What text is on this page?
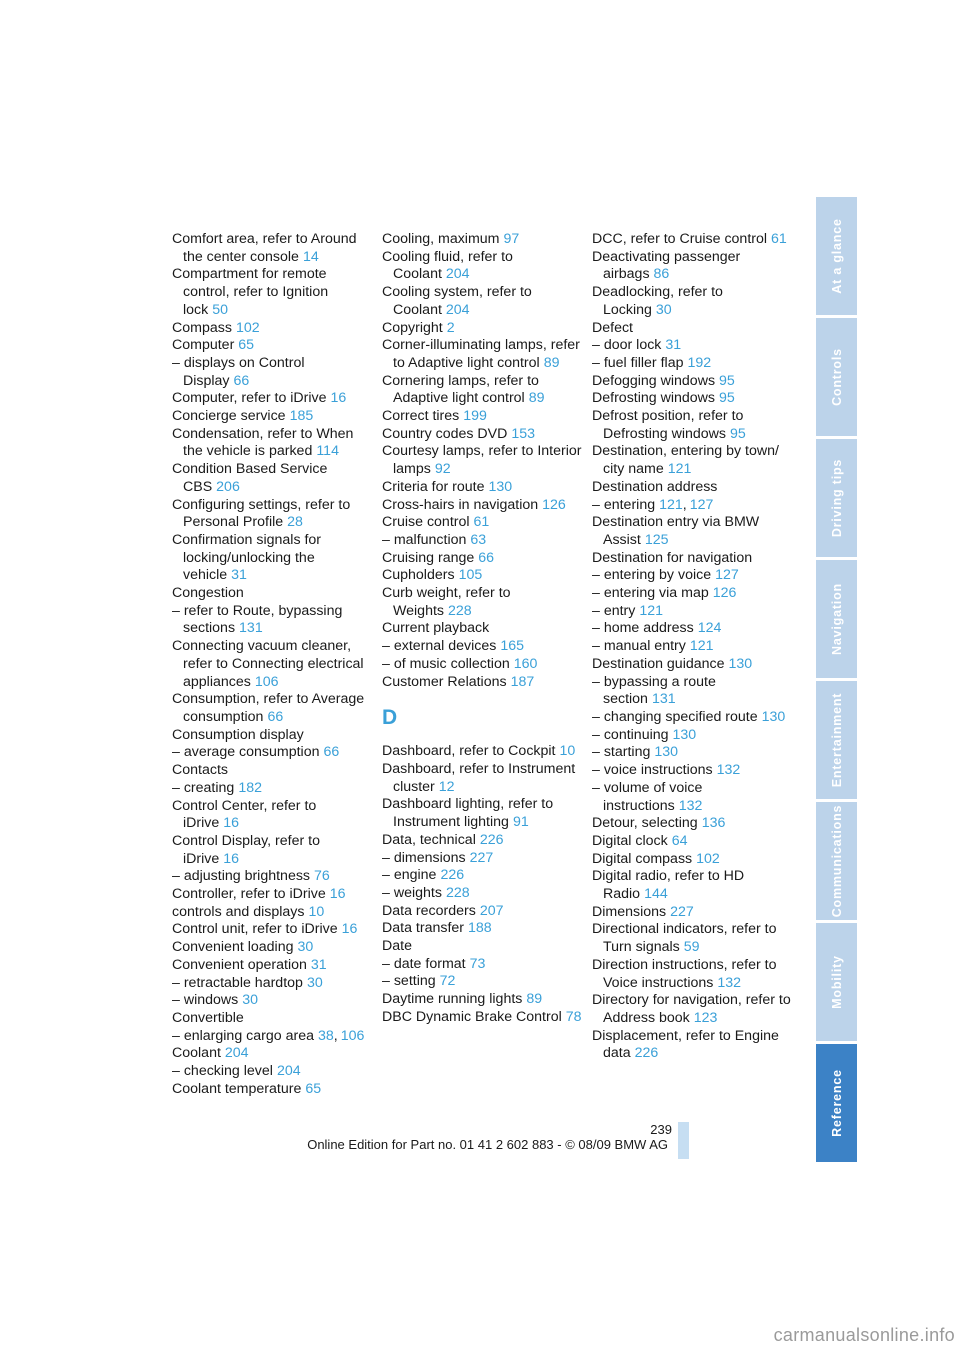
Comfort area, refer to Around the center console 14
Compartment for remote control, refer to Ignition lock 50
Compass 102
Computer 65
– displays on Control Display 66
Computer, refer to iDrive 16
Concierge service 185
Condensation, refer to When the vehicle is parked 114
Condition Based Service CBS 206
Configuring settings, refer to Personal Profile 28
Confirmation signals for locking/unlocking the vehicle 31
Congestion
– refer to Route, bypassing sections 131
Connecting vacuum cleaner, refer to Connecting electrical appliances 106
Consumption, refer to Average consumption 66
Consumption display
– average consumption 66
Contacts
– creating 182
Control Center, refer to iDrive 16
Control Display, refer to iDrive 16
– adjusting brightness 76
Controller, refer to iDrive 16
controls and displays 10
Control unit, refer to iDrive 16
Convenient loading 30
Convenient operation 31
– retractable hardtop 30
– windows 30
Convertible
– enlarging cargo area 38, 106
Coolant 204
– checking level 204
Coolant temperature 65
Cooling, maximum 97
Cooling fluid, refer to Coolant 204
Cooling system, refer to Coolant 204
Copyright 2
Corner-illuminating lamps, refer to Adaptive light control 89
Cornering lamps, refer to Adaptive light control 89
Correct tires 199
Country codes DVD 153
Courtesy lamps, refer to Interior lamps 92
Criteria for route 130
Cross-hairs in navigation 126
Cruise control 61
– malfunction 63
Cruising range 66
Cupholders 105
Curb weight, refer to Weights 228
Current playback
– external devices 165
– of music collection 160
Customer Relations 187
D
Dashboard, refer to Cockpit 10
Dashboard, refer to Instrument cluster 12
Dashboard lighting, refer to Instrument lighting 91
Data, technical 226
– dimensions 227
– engine 226
– weights 228
Data recorders 207
Data transfer 188
Date
– date format 73
– setting 72
Daytime running lights 89
DBC Dynamic Brake Control 78
DCC, refer to Cruise control 61
Deactivating passenger airbags 86
Deadlocking, refer to Locking 30
Defect
– door lock 31
– fuel filler flap 192
Defogging windows 95
Defrosting windows 95
Defrost position, refer to Defrosting windows 95
Destination, entering by town/ city name 121
Destination address
– entering 121, 127
Destination entry via BMW Assist 125
Destination for navigation
– entering by voice 127
– entering via map 126
– entry 121
– home address 124
– manual entry 121
Destination guidance 130
– bypassing a route section 131
– changing specified route 130
– continuing 130
– starting 130
– voice instructions 132
– volume of voice instructions 132
Detour, selecting 136
Digital clock 64
Digital compass 102
Digital radio, refer to HD Radio 144
Dimensions 227
Directional indicators, refer to Turn signals 59
Direction instructions, refer to Voice instructions 132
Directory for navigation, refer to Address book 123
Displacement, refer to Engine data 226
At a glance
Controls
Driving tips
Navigation
Entertainment
Communications
Mobility
Reference
239
Online Edition for Part no. 01 41 2 602 883 - © 08/09 BMW AG
carmanualsonline.info
